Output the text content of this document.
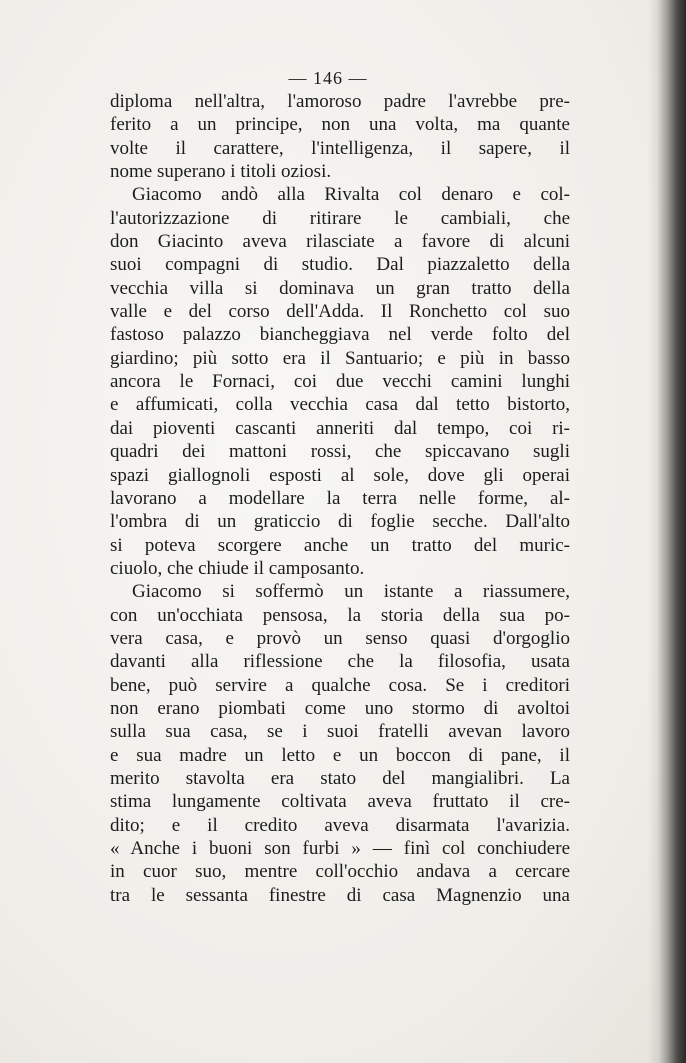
— 146 —
diploma nell'altra, l'amoroso padre l'avrebbe pre-
ferito a un principe, non una volta, ma quante
volte il carattere, l'intelligenza, il sapere, il
nome superano i titoli oziosi.
Giacomo andò alla Rivalta col denaro e col-
l'autorizzazione di ritirare le cambiali, che
don Giacinto aveva rilasciate a favore di alcuni
suoi compagni di studio. Dal piazzaletto della
vecchia villa si dominava un gran tratto della
valle e del corso dell'Adda. Il Ronchetto col suo
fastoso palazzo biancheggiava nel verde folto del
giardino; più sotto era il Santuario; e più in basso
ancora le Fornaci, coi due vecchi camini lunghi
e affumicati, colla vecchia casa dal tetto bistorto,
dai pioventi cascanti anneriti dal tempo, coi ri-
quadri dei mattoni rossi, che spiccavano sugli
spazi giallognoli esposti al sole, dove gli operai
lavorano a modellare la terra nelle forme, al-
l'ombra di un graticcio di foglie secche. Dall'alto
si poteva scorgere anche un tratto del muric-
ciuolo, che chiude il camposanto.
Giacomo si soffermò un istante a riassumere,
con un'occhiata pensosa, la storia della sua po-
vera casa, e provò un senso quasi d'orgoglio
davanti alla riflessione che la filosofia, usata
bene, può servire a qualche cosa. Se i creditori
non erano piombati come uno stormo di avoltoi
sulla sua casa, se i suoi fratelli avevan lavoro
e sua madre un letto e un boccon di pane, il
merito stavolta era stato del mangialibri. La
stima lungamente coltivata aveva fruttato il cre-
dito; e il credito aveva disarmata l'avarizia.
« Anche i buoni son furbi » — finì col conchiudere
in cuor suo, mentre coll'occhio andava a cercare
tra le sessanta finestre di casa Magnenzio una
